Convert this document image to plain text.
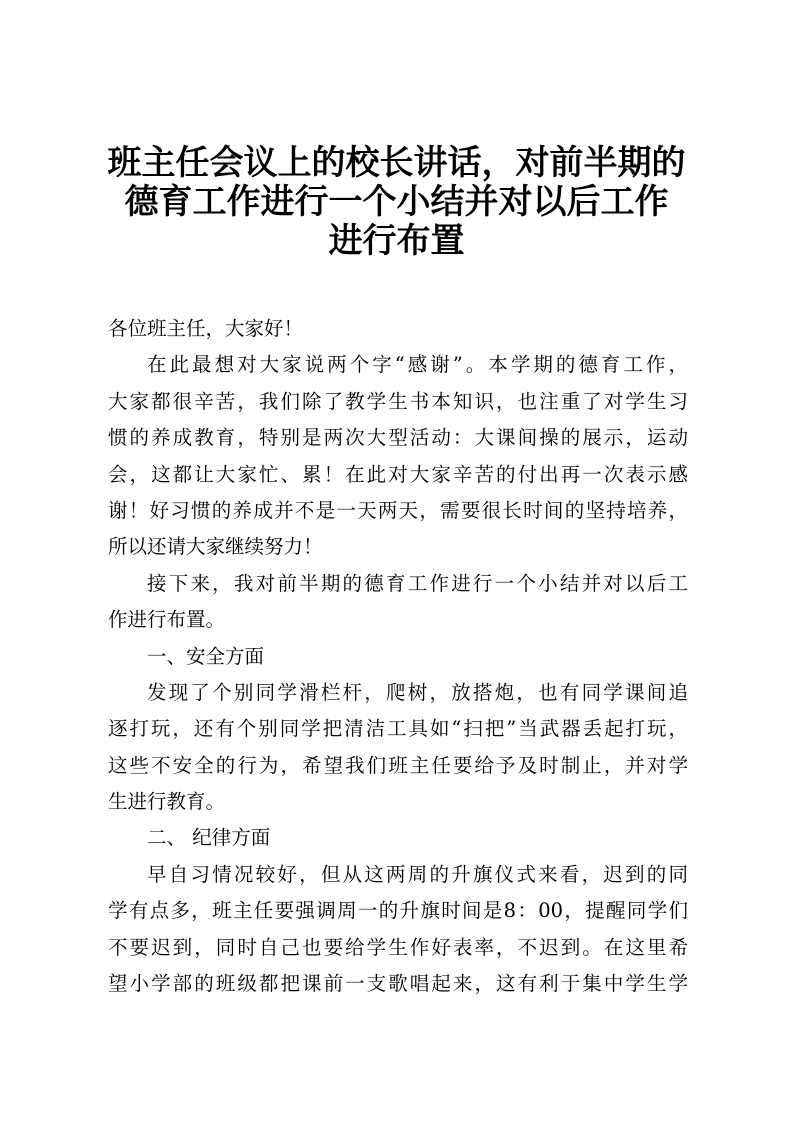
班主任会议上的校长讲话，对前半期的
德育工作进行一个小结并对以后工作
进行布置
各位班主任，大家好！
在此最想对大家说两个字“感谢”。本学期的德育工作，
大家都很辛苦，我们除了教学生书本知识，也注重了对学生习
惯的养成教育，特别是两次大型活动：大课间操的展示，运动
会，这都让大家忙、累！在此对大家辛苦的付出再一次表示感
谢！好习惯的养成并不是一天两天，需要很长时间的坚持培养，
所以还请大家继续努力！
接下来，我对前半期的德育工作进行一个小结并对以后工
作进行布置。
一、安全方面
发现了个别同学滑栏杆，爬树，放搭炮，也有同学课间追
逐打玩，还有个别同学把清洁工具如“扫把”当武器丢起打玩，
这些不安全的行为，希望我们班主任要给予及时制止，并对学
生进行教育。
二、 纪律方面
早自习情况较好，但从这两周的升旗仪式来看，迟到的同
学有点多，班主任要强调周一的升旗时间是8：00，提醒同学们
不要迟到，同时自己也要给学生作好表率，不迟到。在这里希
望小学部的班级都把课前一支歌唱起来，这有利于集中学生学
